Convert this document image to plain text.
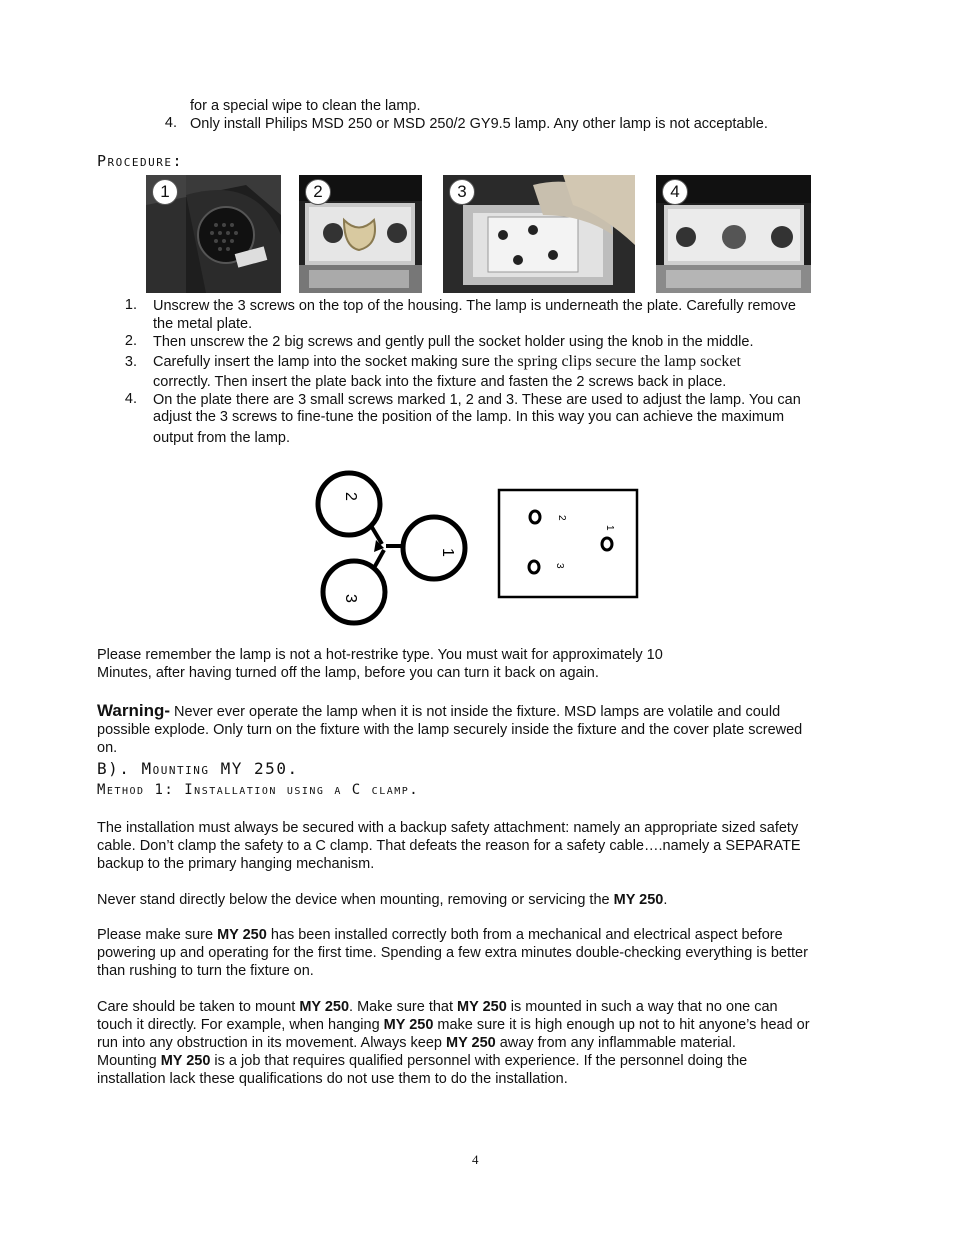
for a special wipe to clean the lamp.
4. Only install Philips MSD 250 or MSD 250/2 GY9.5 lamp. Any other lamp is not acceptable.
Procedure:
1	2	3	4
1. Unscrew the 3 screws on the top of the housing. The lamp is underneath the plate. Carefully remove
the metal plate.
2. Then unscrew the 2 big screws and gently pull the socket holder using the knob in the middle.
3. Carefully insert the lamp into the socket making sure the spring clips secure the lamp socket
correctly. Then insert the plate back into the fixture and fasten the 2 screws back in place.
4. On the plate there are 3 small screws marked 1, 2 and 3. These are used to adjust the lamp. You can
adjust the 3 screws to fine-tune the position of the lamp. In this way you can achieve the maximum
output from the lamp.
2
1
3
2
1
3
Please remember the lamp is not a hot-restrike type. You must wait for approximately 10
Minutes, after having turned off the lamp, before you can turn it back on again.
Warning- Never ever operate the lamp when it is not inside the fixture. MSD lamps are volatile and could
possible explode. Only turn on the fixture with the lamp securely inside the fixture and the cover plate screwed
on.
B). Mounting MY 250.
Method 1: Installation using a C clamp.
The installation must always be secured with a backup safety attachment: namely an appropriate sized safety
cable. Don’t clamp the safety to a C clamp. That defeats the reason for a safety cable….namely a SEPARATE
backup to the primary hanging mechanism.
Never stand directly below the device when mounting, removing or servicing the MY 250.
Please make sure MY 250 has been installed correctly both from a mechanical and electrical aspect before
powering up and operating for the first time. Spending a few extra minutes double-checking everything is better
than rushing to turn the fixture on.
Care should be taken to mount MY 250. Make sure that MY 250 is mounted in such a way that no one can
touch it directly. For example, when hanging MY 250 make sure it is high enough up not to hit anyone’s head or
run into any obstruction in its movement. Always keep MY 250 away from any inflammable material.
Mounting MY 250 is a job that requires qualified personnel with experience. If the personnel doing the
installation lack these qualifications do not use them to do the installation.
4
